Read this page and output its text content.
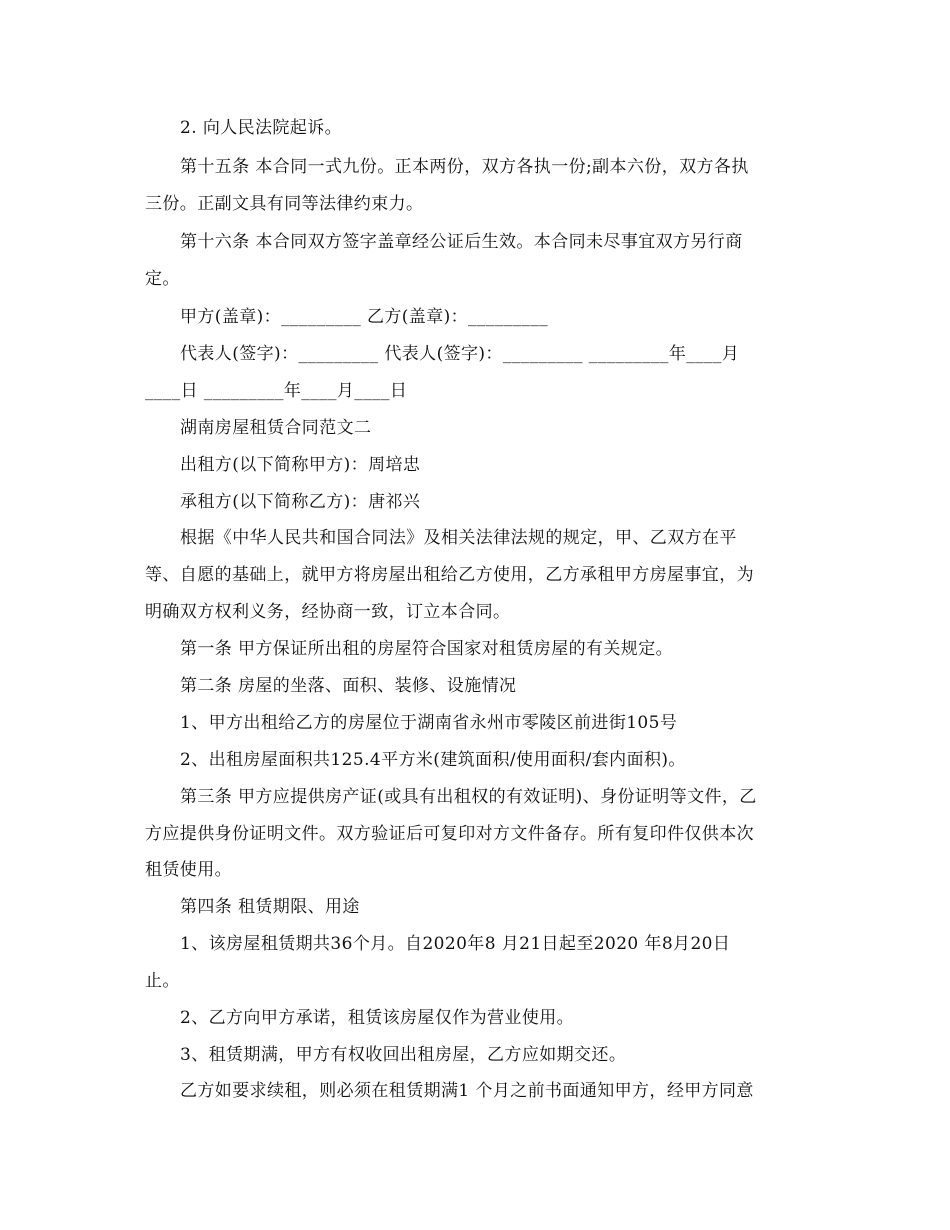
2. 向人民法院起诉。
第十五条 本合同一式九份。正本两份，双方各执一份;副本六份，双方各执
三份。正副文具有同等法律约束力。
第十六条 本合同双方签字盖章经公证后生效。本合同未尽事宜双方另行商
定。
甲方(盖章)：_________ 乙方(盖章)：_________
代表人(签字)：_________ 代表人(签字)：_________ _________年____月
____日 _________年____月____日
湖南房屋租赁合同范文二
出租方(以下简称甲方)：周培忠
承租方(以下简称乙方)：唐祁兴
根据《中华人民共和国合同法》及相关法律法规的规定，甲、乙双方在平
等、自愿的基础上，就甲方将房屋出租给乙方使用，乙方承租甲方房屋事宜，为
明确双方权利义务，经协商一致，订立本合同。
第一条 甲方保证所出租的房屋符合国家对租赁房屋的有关规定。
第二条 房屋的坐落、面积、装修、设施情况
1、甲方出租给乙方的房屋位于湖南省永州市零陵区前进街105号
2、出租房屋面积共125.4平方米(建筑面积/使用面积/套内面积)。
第三条 甲方应提供房产证(或具有出租权的有效证明)、身份证明等文件，乙
方应提供身份证明文件。双方验证后可复印对方文件备存。所有复印件仅供本次
租赁使用。
第四条 租赁期限、用途
1、该房屋租赁期共36个月。自2020年8 月21日起至2020 年8月20日
止。
2、乙方向甲方承诺，租赁该房屋仅作为营业使用。
3、租赁期满，甲方有权收回出租房屋，乙方应如期交还。
乙方如要求续租，则必须在租赁期满1 个月之前书面通知甲方，经甲方同意
